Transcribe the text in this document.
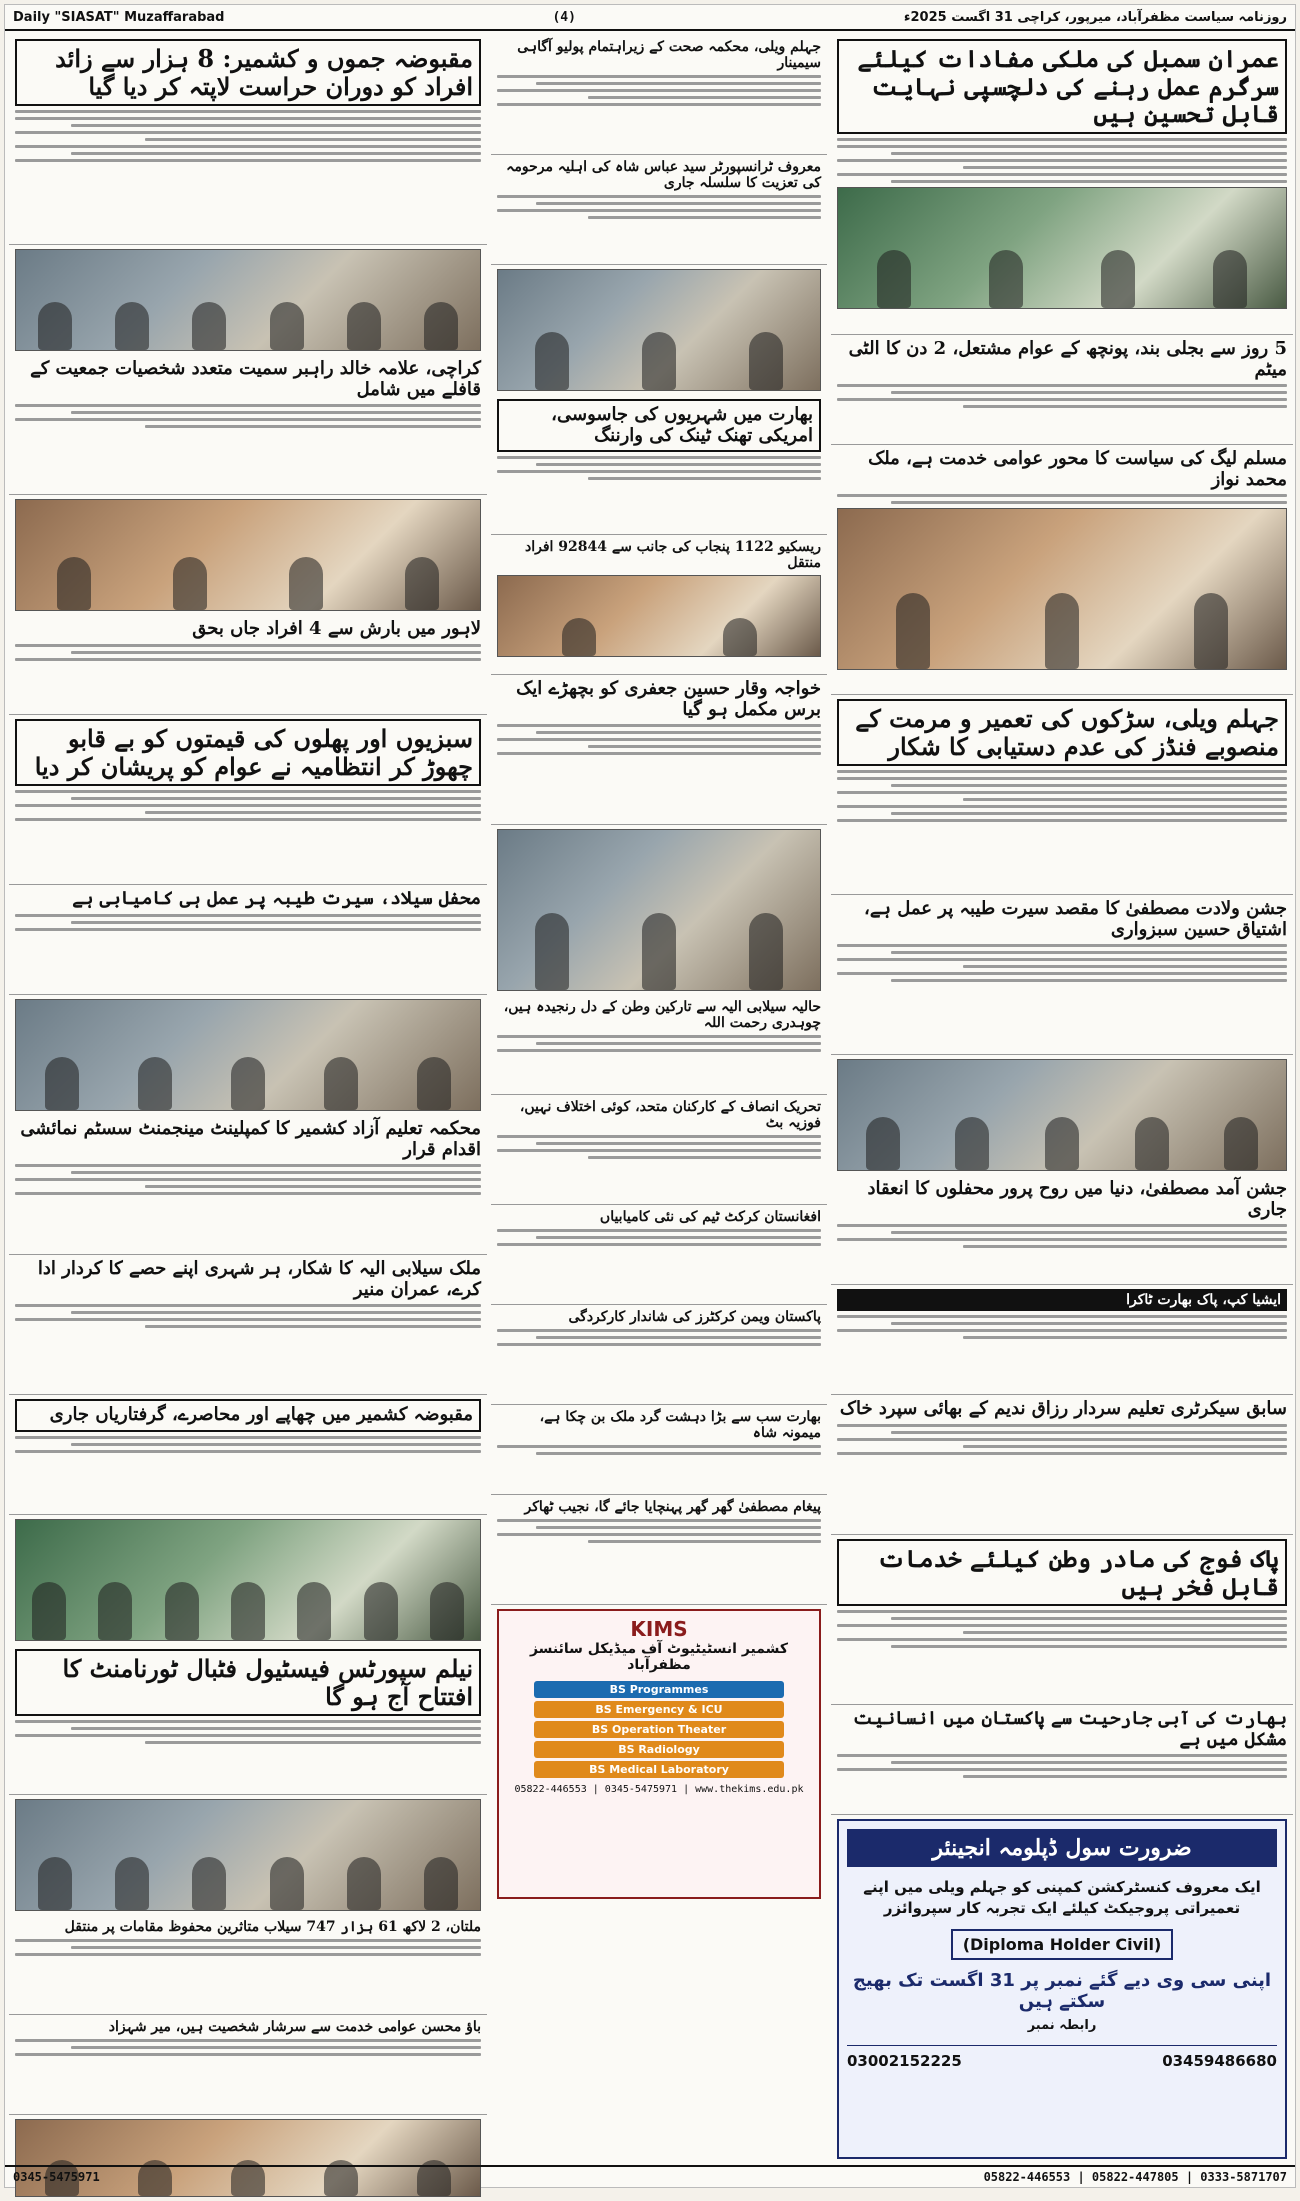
Daily "SIASAT" Muzaffarabad	(4)	روزنامہ سیاست مظفرآباد، میرپور، کراچی 31 اگست 2025ء
عمران سمبل کی ملکی مفادات کیلئے سرگرم عمل رہنے کی دلچسپی نہایت قابل تحسین ہیں
5 روز سے بجلی بند، پونچھ کے عوام مشتعل، 2 دن کا الٹی میٹم
مسلم لیگ کی سیاست کا محور عوامی خدمت ہے، ملک محمد نواز
جہلم ویلی، سڑکوں کی تعمیر و مرمت کے منصوبے فنڈز کی عدم دستیابی کا شکار
جشن ولادت مصطفیٰ کا مقصد سیرت طیبہ پر عمل ہے، اشتیاق حسین سبزواری
جشن آمد مصطفیٰ، دنیا میں روح پرور محفلوں کا انعقاد جاری
ایشیا کپ، پاک بھارت ٹاکرا
سابق سیکرٹری تعلیم سردار رزاق ندیم کے بھائی سپرد خاک
پاک فوج کی مادر وطن کیلئے خدمات قابل فخر ہیں
بھارت کی آبی جارحیت سے پاکستان میں انسانیت مشکل میں ہے
ضرورت سول ڈپلومہ انجینئر
ایک معروف کنسٹرکشن کمپنی کو جہلم ویلی میں اپنے تعمیراتی پروجیکٹ کیلئے ایک تجربہ کار سپروائزر
(Diploma Holder Civil)
اپنی سی وی دیے گئے نمبر پر 31 اگست تک بھیج سکتے ہیں
رابطہ نمبر
03002152225	03459486680
جہلم ویلی، محکمہ صحت کے زیراہتمام پولیو آگاہی سیمینار
معروف ٹرانسپورٹر سید عباس شاہ کی اہلیہ مرحومہ کی تعزیت کا سلسلہ جاری
بھارت میں شہریوں کی جاسوسی، امریکی تھنک ٹینک کی وارننگ
ریسکیو 1122 پنجاب کی جانب سے 92844 افراد منتقل
خواجہ وقار حسین جعفری کو بچھڑے ایک برس مکمل ہو گیا
حالیہ سیلابی الیہ سے تارکین وطن کے دل رنجیدہ ہیں، چوہدری رحمت اللہ
تحریک انصاف کے کارکنان متحد، کوئی اختلاف نہیں، فوزیہ بٹ
افغانستان کرکٹ ٹیم کی نئی کامیابیاں
پاکستان ویمن کرکٹرز کی شاندار کارکردگی
بھارت سب سے بڑا دہشت گرد ملک بن چکا ہے، میمونہ شاہ
پیغام مصطفیٰ گھر گھر پہنچایا جائے گا، نجیب ٹھاکر
KIMS
کشمیر انسٹیٹیوٹ آف میڈیکل سائنسز مظفرآباد
BS Programmes
BS Emergency & ICU
BS Operation Theater
BS Radiology
BS Medical Laboratory
05822-446553 | 0345-5475971 | www.thekims.edu.pk
مقبوضہ جموں و کشمیر: 8 ہزار سے زائد افراد کو دوران حراست لاپتہ کر دیا گیا
کراچی، علامہ خالد راہبر سمیت متعدد شخصیات جمعیت کے قافلے میں شامل
لاہور میں بارش سے 4 افراد جاں بحق
سبزیوں اور پھلوں کی قیمتوں کو بے قابو چھوڑ کر انتظامیہ نے عوام کو پریشان کر دیا
محفل سیلاد، سیرت طیبہ پر عمل ہی کامیابی ہے
محکمہ تعلیم آزاد کشمیر کا کمپلینٹ مینجمنٹ سسٹم نمائشی اقدام قرار
ملک سیلابی الیہ کا شکار، ہر شہری اپنے حصے کا کردار ادا کرے، عمران منیر
مقبوضہ کشمیر میں چھاپے اور محاصرے، گرفتاریاں جاری
نیلم سپورٹس فیسٹیول فٹبال ٹورنامنٹ کا افتتاح آج ہو گا
ملتان، 2 لاکھ 61 ہزار 747 سیلاب متاثرین محفوظ مقامات پر منتقل
باؤ محسن عوامی خدمت سے سرشار شخصیت ہیں، میر شہزاد
0345-5475971	05822-446553 | 05822-447805 | 0333-5871707
